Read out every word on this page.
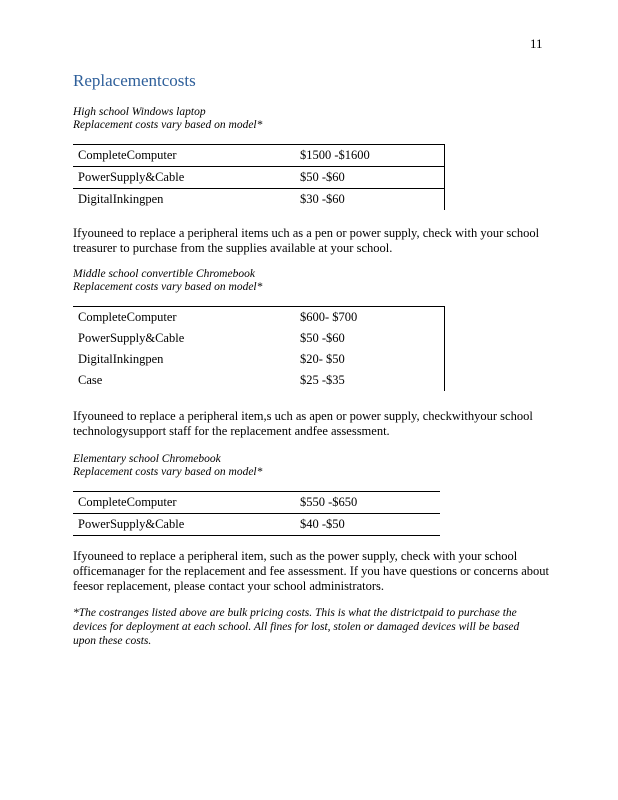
11
Replacementcosts
High school Windows laptop
Replacement costs vary based on model*
CompleteComputer	$1500 -$1600
PowerSupply&Cable	$50 -$60
DigitalInkingpen	$30 -$60
Ifyouneed to replace a peripheral items uch as a pen or power supply, check with your school treasurer to purchase from the supplies available at your school.
Middle school convertible Chromebook
Replacement costs vary based on model*
CompleteComputer	$600- $700
PowerSupply&Cable	$50 -$60
DigitalInkingpen	$20- $50
Case	$25 -$35
Ifyouneed to replace a peripheral item,s uch as apen or power supply, checkwithyour school technologysupport staff for the replacement andfee assessment.
Elementary school Chromebook
Replacement costs vary based on model*
CompleteComputer	$550 -$650
PowerSupply&Cable	$40 -$50
Ifyouneed to replace a peripheral item, such as the power supply, check with your school officemanager for the replacement and fee assessment. If you have questions or concerns about feesor replacement, please contact your school administrators.
*The costranges listed above are bulk pricing costs. This is what the districtpaid to purchase the devices for deployment at each school. All fines for lost, stolen or damaged devices will be based upon these costs.
